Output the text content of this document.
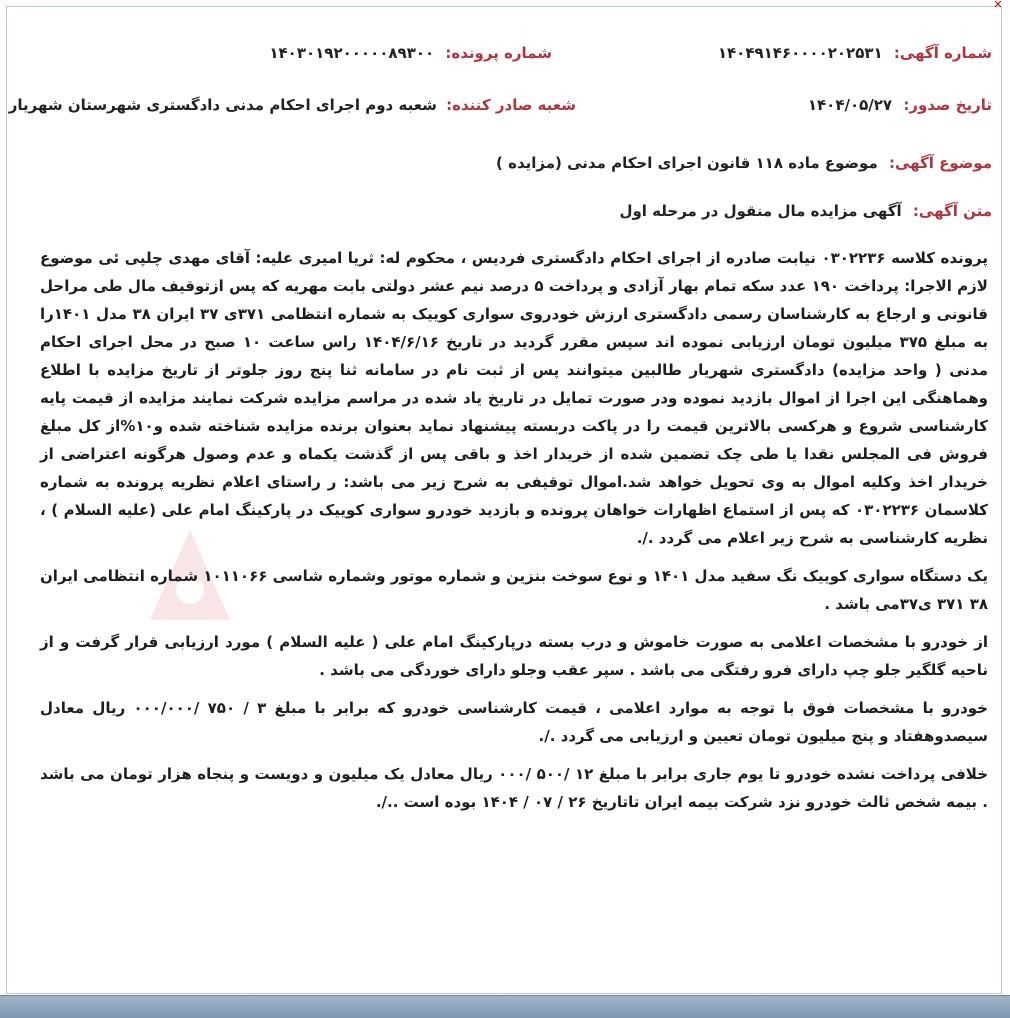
✕
شماره آگهی: ۱۴۰۴۹۱۴۶۰۰۰۰۲۰۲۵۳۱
شماره پرونده: ۱۴۰۳۰۱۹۲۰۰۰۰۰۸۹۳۰۰
تاریخ صدور: ۱۴۰۴/۰۵/۲۷
شعبه صادر کننده: شعبه دوم اجرای احکام مدنی دادگستری شهرستان شهریار
موضوع آگهی: موضوع ماده ۱۱۸ قانون اجرای احکام مدنی (مزایده )
متن آگهی: آگهی مزایده مال منقول در مرحله اول

پرونده کلاسه ۰۳۰۲۲۳۶ نیابت صادره از اجرای احکام دادگستری فردیس ، محکوم له: ثریا امیری علیه: آقای مهدی چلپی ئی موضوع لازم الاجرا: پرداخت ۱۹۰ عدد سکه تمام بهار آزادی و پرداخت ۵ درصد نیم عشر دولتی بابت مهریه که پس ازتوقیف مال طی مراحل قانونی و ارجاع به کارشناسان رسمی دادگستری ارزش خودروی سواری کوییک به شماره انتظامی ۳۷۱ی ۳۷ ایران ۳۸ مدل ۱۴۰۱را به مبلغ ۳۷۵ میلیون تومان ارزیابی نموده اند سپس مقرر گردید در تاریخ ۱۴۰۴/۶/۱۶ راس ساعت ۱۰ صبح در محل اجرای احکام مدنی ( واحد مزایده) دادگستری شهریار طالبین میتوانند پس از ثبت نام در سامانه ثنا پنج روز جلوتر از تاریخ مزایده با اطلاع وهماهنگی این اجرا از اموال بازدید نموده ودر صورت تمایل در تاریخ یاد شده در مراسم مزایده شرکت نمایند مزایده از قیمت پایه کارشناسی شروع و هرکسی بالاترین قیمت را در پاکت دربسته پیشنهاد نماید بعنوان برنده مزایده شناخته شده و۱۰%از کل مبلغ فروش فی المجلس نقدا یا طی چک تضمین شده از خریدار اخذ و باقی پس از گذشت یکماه و عدم وصول هرگونه اعتراضی از خریدار اخذ وکلیه اموال به وی تحویل خواهد شد.اموال توقیفی به شرح زیر می باشد: ر راستای اعلام نظریه پرونده به شماره کلاسمان ۰۳۰۲۲۳۶ که پس از استماع اظهارات خواهان پرونده و بازدید خودرو سواری کوییک در پارکینگ امام علی (علیه السلام ) ، نظریه کارشناسی به شرح زیر اعلام می گردد ./.

یک دستگاه سواری کوییک نگ سفید مدل ۱۴۰۱ و نوع سوخت بنزین و شماره موتور وشماره شاسی ۱۰۱۱۰۶۶ شماره انتظامی ایران ۳۸ ۳۷۱ ی۳۷می باشد .

از خودرو با مشخصات اعلامی به صورت خاموش و درب بسته درپارکینگ امام علی ( علیه السلام ) مورد ارزیابی قرار گرفت و از ناحیه گلگیر جلو چپ دارای فرو رفتگی می باشد . سپر عقب وجلو دارای خوردگی می باشد .

خودرو با مشخصات فوق با توجه به موارد اعلامی ، قیمت کارشناسی خودرو که برابر با مبلغ ۳ / ۷۵۰ /۰۰۰/۰۰۰ ریال معادل سیصدوهفتاد و پنج میلیون تومان تعیین و ارزیابی می گردد ./.

خلافی پرداخت نشده خودرو تا یوم جاری برابر با مبلغ ۱۲ /۵۰۰ /۰۰۰ ریال معادل یک میلیون و دویست و پنجاه هزار تومان می باشد . بیمه شخص ثالث خودرو نزد شرکت بیمه ایران تاتاریخ ۲۶ / ۰۷ / ۱۴۰۴ بوده است ../.
